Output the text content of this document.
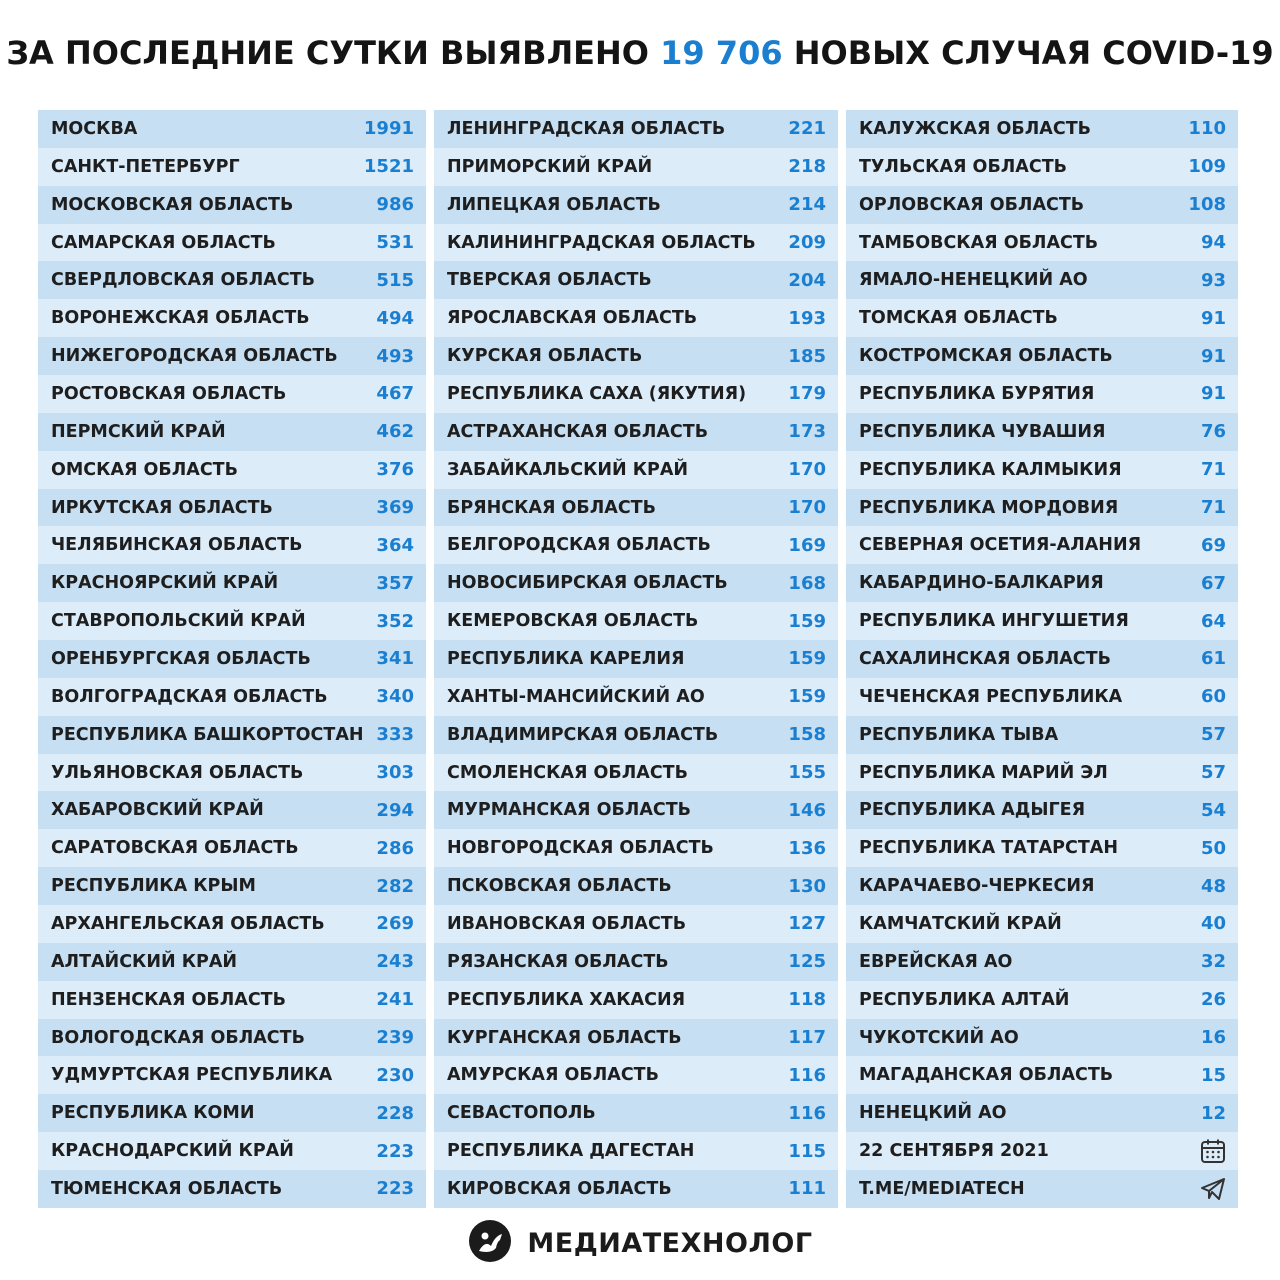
ЗА ПОСЛЕДНИЕ СУТКИ ВЫЯВЛЕНО 19 706 НОВЫХ СЛУЧАЯ COVID-19
МОСКВА	1991
САНКТ-ПЕТЕРБУРГ	1521
МОСКОВСКАЯ ОБЛАСТЬ	986
САМАРСКАЯ ОБЛАСТЬ	531
СВЕРДЛОВСКАЯ ОБЛАСТЬ	515
ВОРОНЕЖСКАЯ ОБЛАСТЬ	494
НИЖЕГОРОДСКАЯ ОБЛАСТЬ 493
РОСТОВСКАЯ ОБЛАСТЬ	467
ПЕРМСКИЙ КРАЙ	462
ОМСКАЯ ОБЛАСТЬ	376
ИРКУТСКАЯ ОБЛАСТЬ	369
ЧЕЛЯБИНСКАЯ ОБЛАСТЬ	364
КРАСНОЯРСКИЙ КРАЙ	357
СТАВРОПОЛЬСКИЙ КРАЙ	352
ОРЕНБУРГСКАЯ ОБЛАСТЬ	341
ВОЛГОГРАДСКАЯ ОБЛАСТЬ	340
РЕСПУБЛИКА БАШКОРТОСТАН 333
УЛЬЯНОВСКАЯ ОБЛАСТЬ	303
ХАБАРОВСКИЙ КРАЙ	294
САРАТОВСКАЯ ОБЛАСТЬ	286
РЕСПУБЛИКА КРЫМ	282
АРХАНГЕЛЬСКАЯ ОБЛАСТЬ	269
АЛТАЙСКИЙ КРАЙ	243
ПЕНЗЕНСКАЯ ОБЛАСТЬ	241
ВОЛОГОДСКАЯ ОБЛАСТЬ	239
УДМУРТСКАЯ РЕСПУБЛИКА 230
РЕСПУБЛИКА КОМИ	228
КРАСНОДАРСКИЙ КРАЙ	223
ТЮМЕНСКАЯ ОБЛАСТЬ	223
ЛЕНИНГРАДСКАЯ ОБЛАСТЬ	221
ПРИМОРСКИЙ КРАЙ	218
ЛИПЕЦКАЯ ОБЛАСТЬ	214
КАЛИНИНГРАДСКАЯ ОБЛАСТЬ 209
ТВЕРСКАЯ ОБЛАСТЬ	204
ЯРОСЛАВСКАЯ ОБЛАСТЬ	193
КУРСКАЯ ОБЛАСТЬ	185
РЕСПУБЛИКА САХА (ЯКУТИЯ) 179
АСТРАХАНСКАЯ ОБЛАСТЬ	173
ЗАБАЙКАЛЬСКИЙ КРАЙ	170
БРЯНСКАЯ ОБЛАСТЬ	170
БЕЛГОРОДСКАЯ ОБЛАСТЬ	169
НОВОСИБИРСКАЯ ОБЛАСТЬ	168
КЕМЕРОВСКАЯ ОБЛАСТЬ	159
РЕСПУБЛИКА КАРЕЛИЯ	159
ХАНТЫ-МАНСИЙСКИЙ АО	159
ВЛАДИМИРСКАЯ ОБЛАСТЬ	158
СМОЛЕНСКАЯ ОБЛАСТЬ	155
МУРМАНСКАЯ ОБЛАСТЬ	146
НОВГОРОДСКАЯ ОБЛАСТЬ	136
ПСКОВСКАЯ ОБЛАСТЬ	130
ИВАНОВСКАЯ ОБЛАСТЬ	127
РЯЗАНСКАЯ ОБЛАСТЬ	125
РЕСПУБЛИКА ХАКАСИЯ	118
КУРГАНСКАЯ ОБЛАСТЬ	117
АМУРСКАЯ ОБЛАСТЬ	116
СЕВАСТОПОЛЬ	116
РЕСПУБЛИКА ДАГЕСТАН	115
КИРОВСКАЯ ОБЛАСТЬ	111
КАЛУЖСКАЯ ОБЛАСТЬ	110
ТУЛЬСКАЯ ОБЛАСТЬ	109
ОРЛОВСКАЯ ОБЛАСТЬ	108
ТАМБОВСКАЯ ОБЛАСТЬ	94
ЯМАЛО-НЕНЕЦКИЙ АО	93
ТОМСКАЯ ОБЛАСТЬ	91
КОСТРОМСКАЯ ОБЛАСТЬ	91
РЕСПУБЛИКА БУРЯТИЯ	91
РЕСПУБЛИКА ЧУВАШИЯ	76
РЕСПУБЛИКА КАЛМЫКИЯ	71
РЕСПУБЛИКА МОРДОВИЯ	71
СЕВЕРНАЯ ОСЕТИЯ-АЛАНИЯ	69
КАБАРДИНО-БАЛКАРИЯ	67
РЕСПУБЛИКА ИНГУШЕТИЯ	64
САХАЛИНСКАЯ ОБЛАСТЬ	61
ЧЕЧЕНСКАЯ РЕСПУБЛИКА	60
РЕСПУБЛИКА ТЫВА	57
РЕСПУБЛИКА МАРИЙ ЭЛ	57
РЕСПУБЛИКА АДЫГЕЯ	54
РЕСПУБЛИКА ТАТАРСТАН	50
КАРАЧАЕВО-ЧЕРКЕСИЯ	48
КАМЧАТСКИЙ КРАЙ	40
ЕВРЕЙСКАЯ АО	32
РЕСПУБЛИКА АЛТАЙ	26
ЧУКОТСКИЙ АО	16
МАГАДАНСКАЯ ОБЛАСТЬ	15
НЕНЕЦКИЙ АО	12
22 СЕНТЯБРЯ 2021
T.ME/MEDIATECH
МЕДИАТЕХНОЛОГ
